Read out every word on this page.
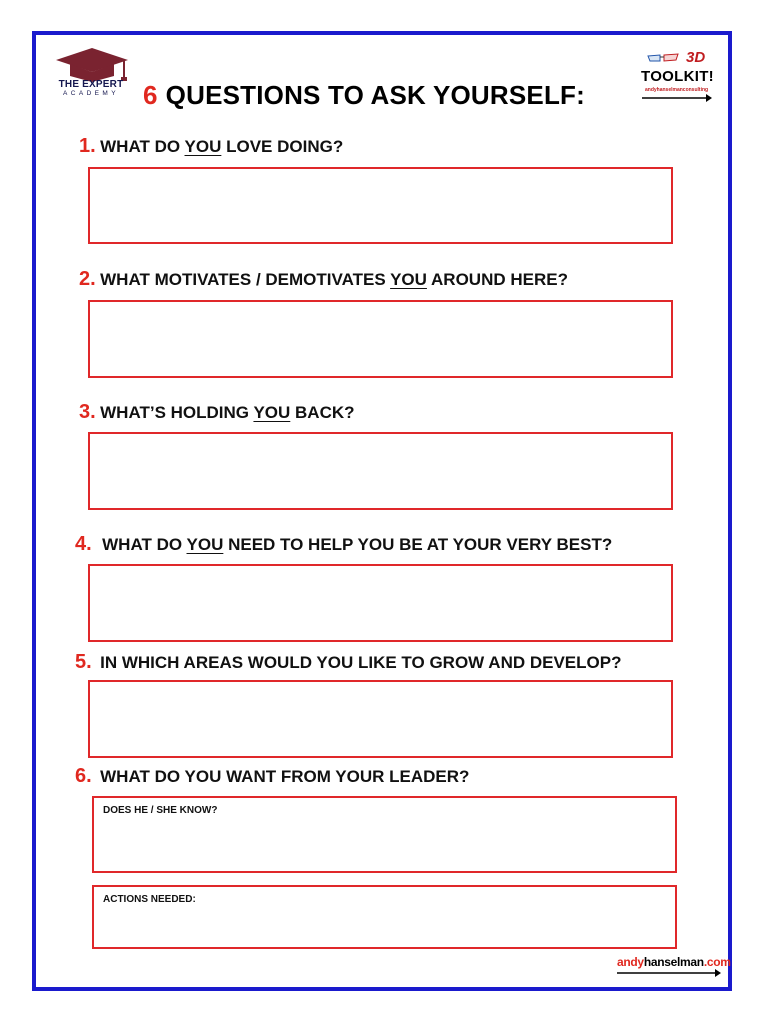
THE EXPERT
ACADEMY 6 QUESTIONS TO ASK YOURSELF:
3D
TOOLKIT!
andyhanselmanconsulting
1. WHAT DO YOU LOVE DOING?
2. WHAT MOTIVATES / DEMOTIVATES YOU AROUND HERE?
3. WHAT’S HOLDING YOU BACK?
4. WHAT DO YOU NEED TO HELP YOU BE AT YOUR VERY BEST?
5. IN WHICH AREAS WOULD YOU LIKE TO GROW AND DEVELOP?
6. WHAT DO YOU WANT FROM YOUR LEADER?
DOES HE / SHE KNOW?
ACTIONS NEEDED:
andyhanselman.com
